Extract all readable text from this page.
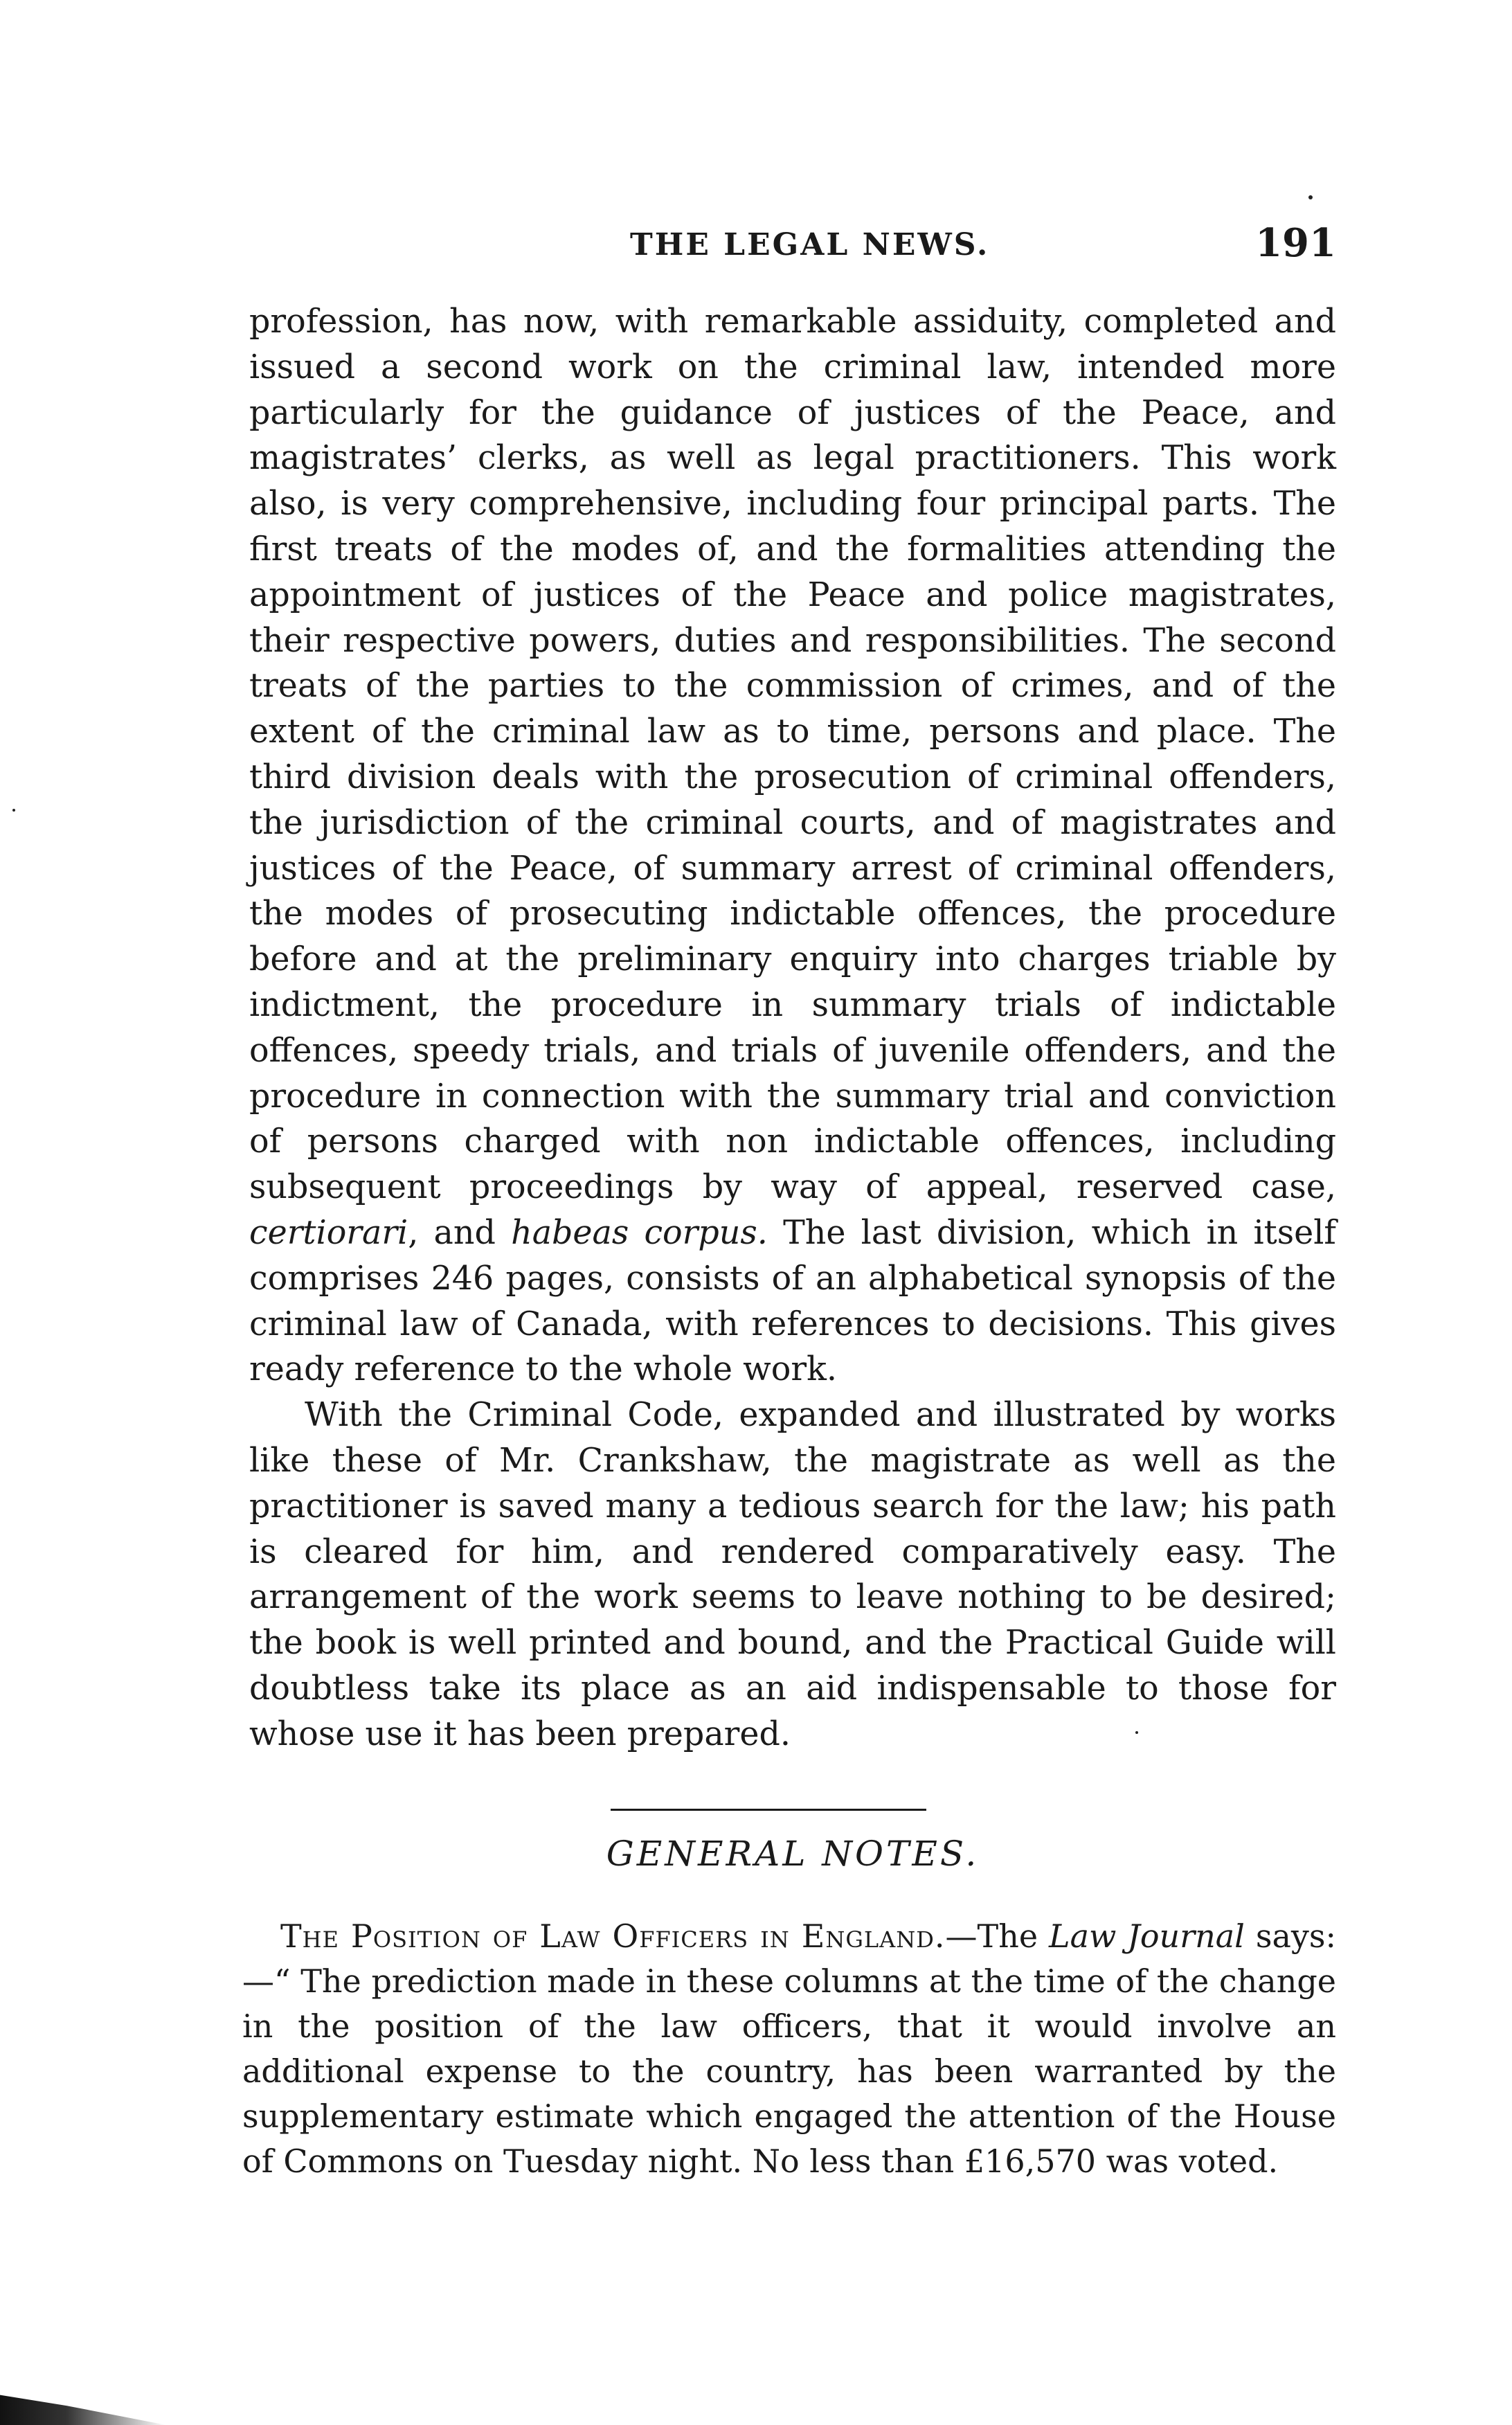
THE LEGAL NEWS.	191

profession, has now, with remarkable assiduity, completed and issued a second work on the criminal law, intended more particularly for the guidance of justices of the Peace, and magistrates’ clerks, as well as legal practitioners. This work also, is very comprehensive, including four principal parts. The first treats of the modes of, and the formalities attending the appointment of justices of the Peace and police magistrates, their respective powers, duties and responsibilities. The second treats of the parties to the commission of crimes, and of the extent of the criminal law as to time, persons and place. The third division deals with the prosecution of criminal offenders, the jurisdiction of the criminal courts, and of magistrates and justices of the Peace, of summary arrest of criminal offenders, the modes of prosecuting indictable offences, the procedure before and at the preliminary enquiry into charges triable by indictment, the procedure in summary trials of indictable offences, speedy trials, and trials of juvenile offenders, and the procedure in connection with the summary trial and conviction of persons charged with non indictable offences, including subsequent proceedings by way of appeal, reserved case, certiorari, and habeas corpus. The last division, which in itself comprises 246 pages, consists of an alphabetical synopsis of the criminal law of Canada, with references to decisions. This gives ready reference to the whole work.

With the Criminal Code, expanded and illustrated by works like these of Mr. Crankshaw, the magistrate as well as the practitioner is saved many a tedious search for the law; his path is cleared for him, and rendered comparatively easy. The arrangement of the work seems to leave nothing to be desired; the book is well printed and bound, and the Practical Guide will doubtless take its place as an aid indispensable to those for whose use it has been prepared.

GENERAL NOTES.

The Position of Law Officers in England.—The Law Journal says:—“ The prediction made in these columns at the time of the change in the position of the law officers, that it would involve an additional expense to the country, has been warranted by the supplementary estimate which engaged the attention of the House of Commons on Tuesday night. No less than £16,570 was voted.
